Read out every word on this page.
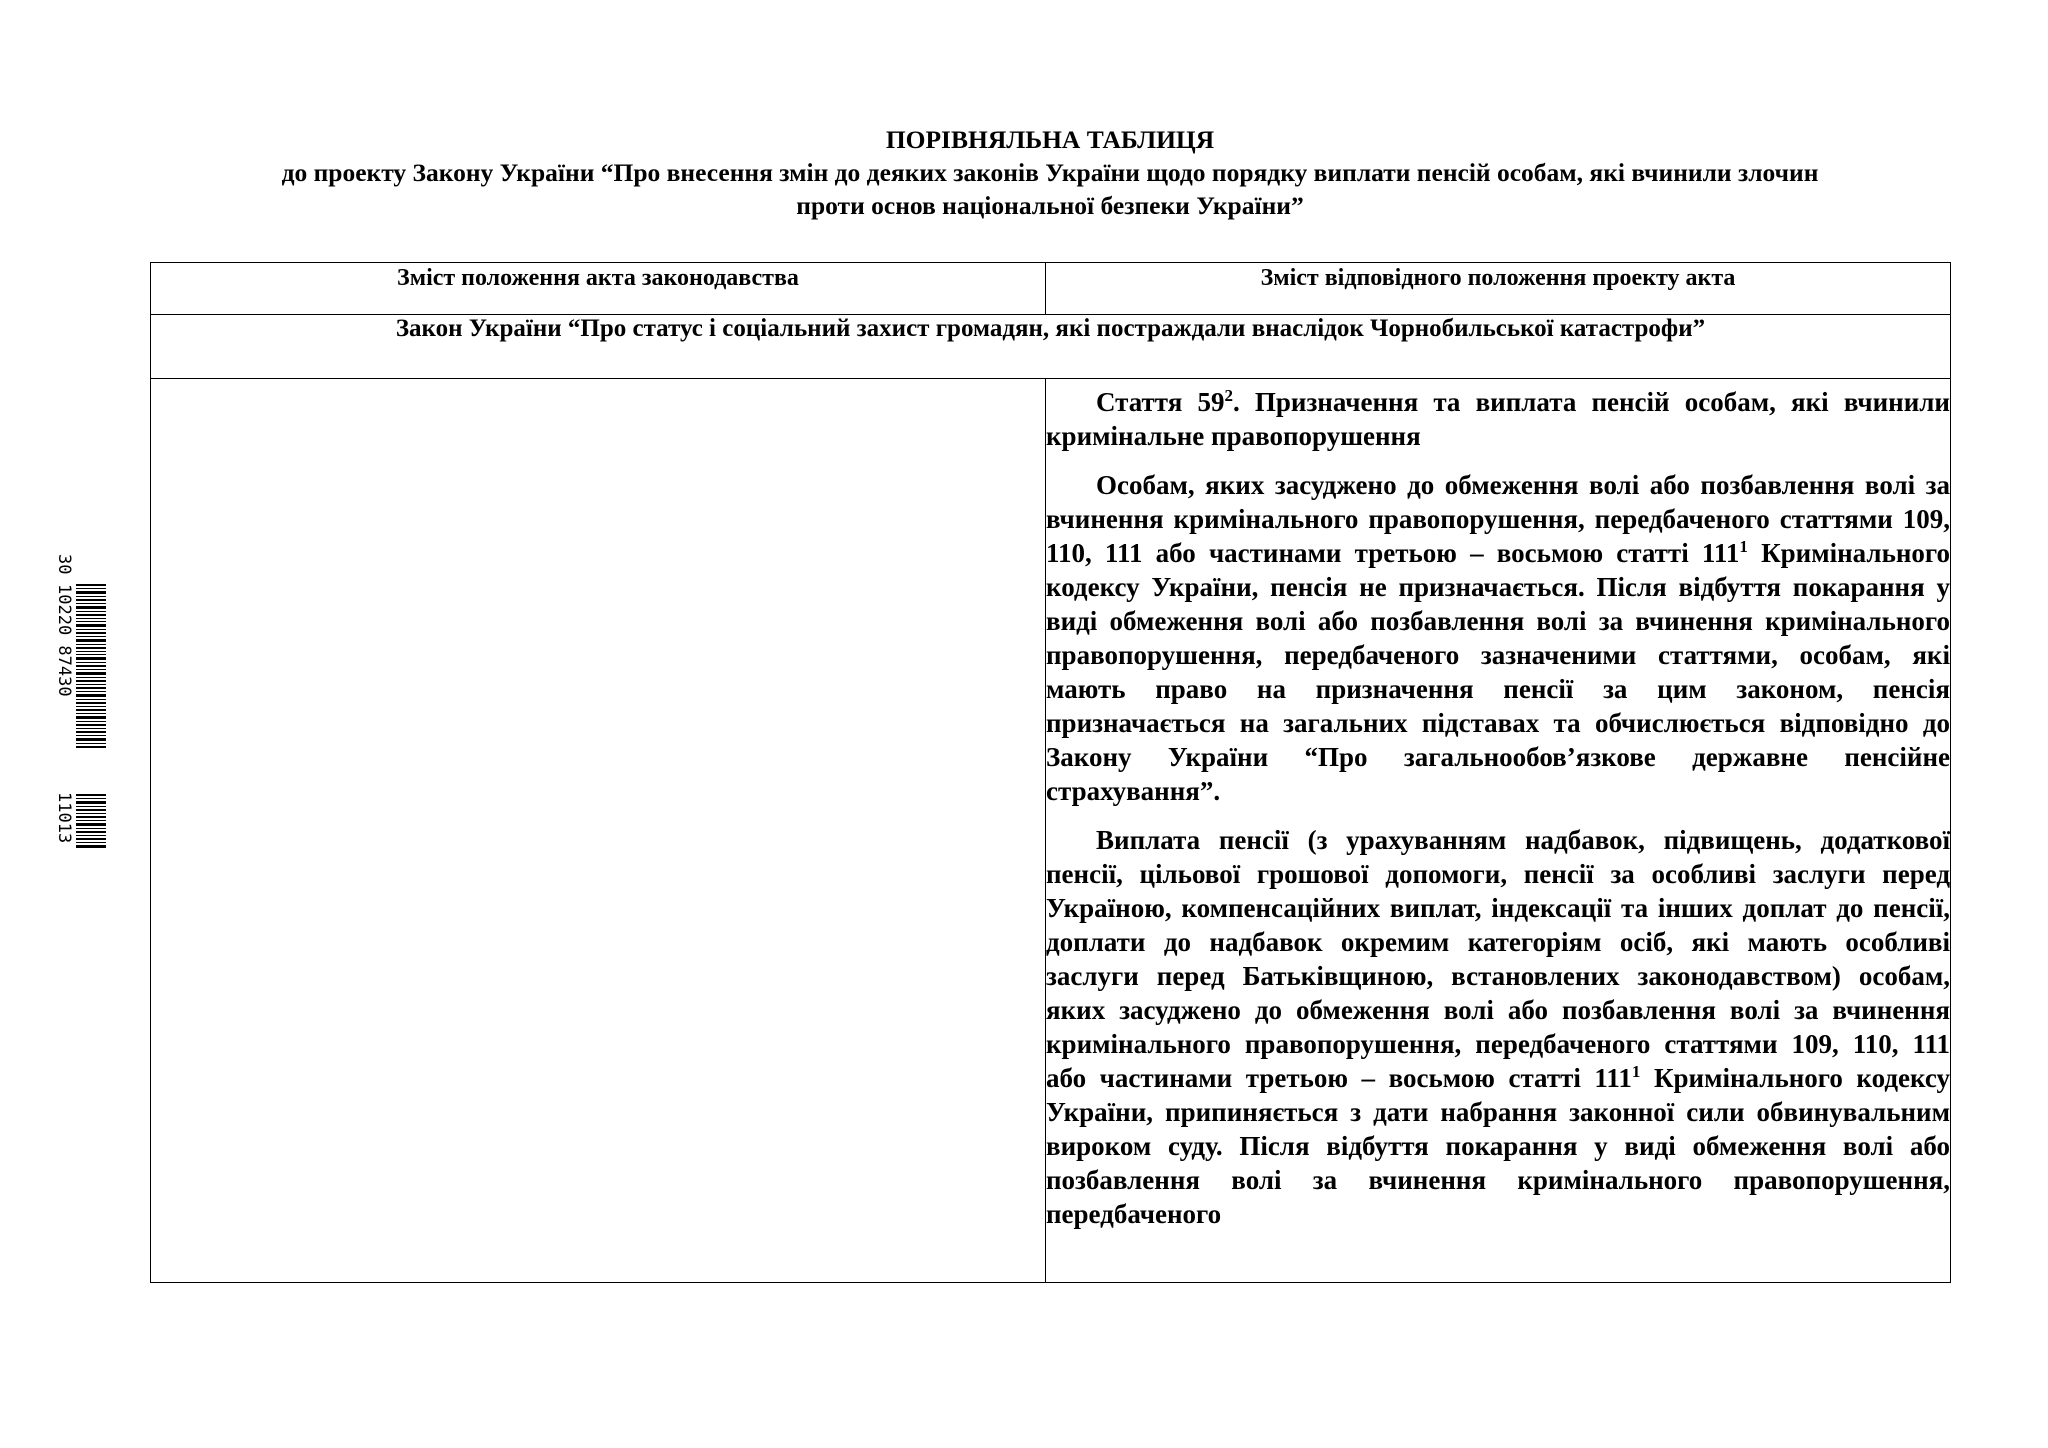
ПОРІВНЯЛЬНА ТАБЛИЦЯ
до проекту Закону України “Про внесення змін до деяких законів України щодо порядку виплати пенсій особам, які вчинили злочин
проти основ національної безпеки України”
30
10220 87430
11013
Зміст положення акта законодавства	Зміст відповідного положення проекту акта
Закон України “Про статус і соціальний захист громадян, які постраждали внаслідок Чорнобильської катастрофи”	

	Стаття $59^2$. Призначення та виплата пенсій особам, які вчинили кримінальне правопорушення

Особам, яких засуджено до обмеження волі або позбавлення волі за вчинення кримінального правопорушення, передбаченого статтями 109, 110, 111 або частинами третьою – восьмою статті $111^1$ Кримінального кодексу України, пенсія не призначається. Після відбуття покарання у виді обмеження волі або позбавлення волі за вчинення кримінального правопорушення, передбаченого зазначеними статтями, особам, які мають право на призначення пенсії за цим законом, пенсія призначається на загальних підставах та обчислюється відповідно до Закону України “Про загальнообов’язкове державне пенсійне страхування”.

Виплата пенсії (з урахуванням надбавок, підвищень, додаткової пенсії, цільової грошової допомоги, пенсії за особливі заслуги перед Україною, компенсаційних виплат, індексації та інших доплат до пенсії, доплати до надбавок окремим категоріям осіб, які мають особливі заслуги перед Батьківщиною, встановлених законодавством) особам, яких засуджено до обмеження волі або позбавлення волі за вчинення кримінального правопорушення, передбаченого статтями 109, 110, 111 або частинами третьою – восьмою статті $111^1$ Кримінального кодексу України, припиняється з дати набрання законної сили обвинувальним вироком суду. Після відбуття покарання у виді обмеження волі або позбавлення волі за вчинення кримінального правопорушення, передбаченого
